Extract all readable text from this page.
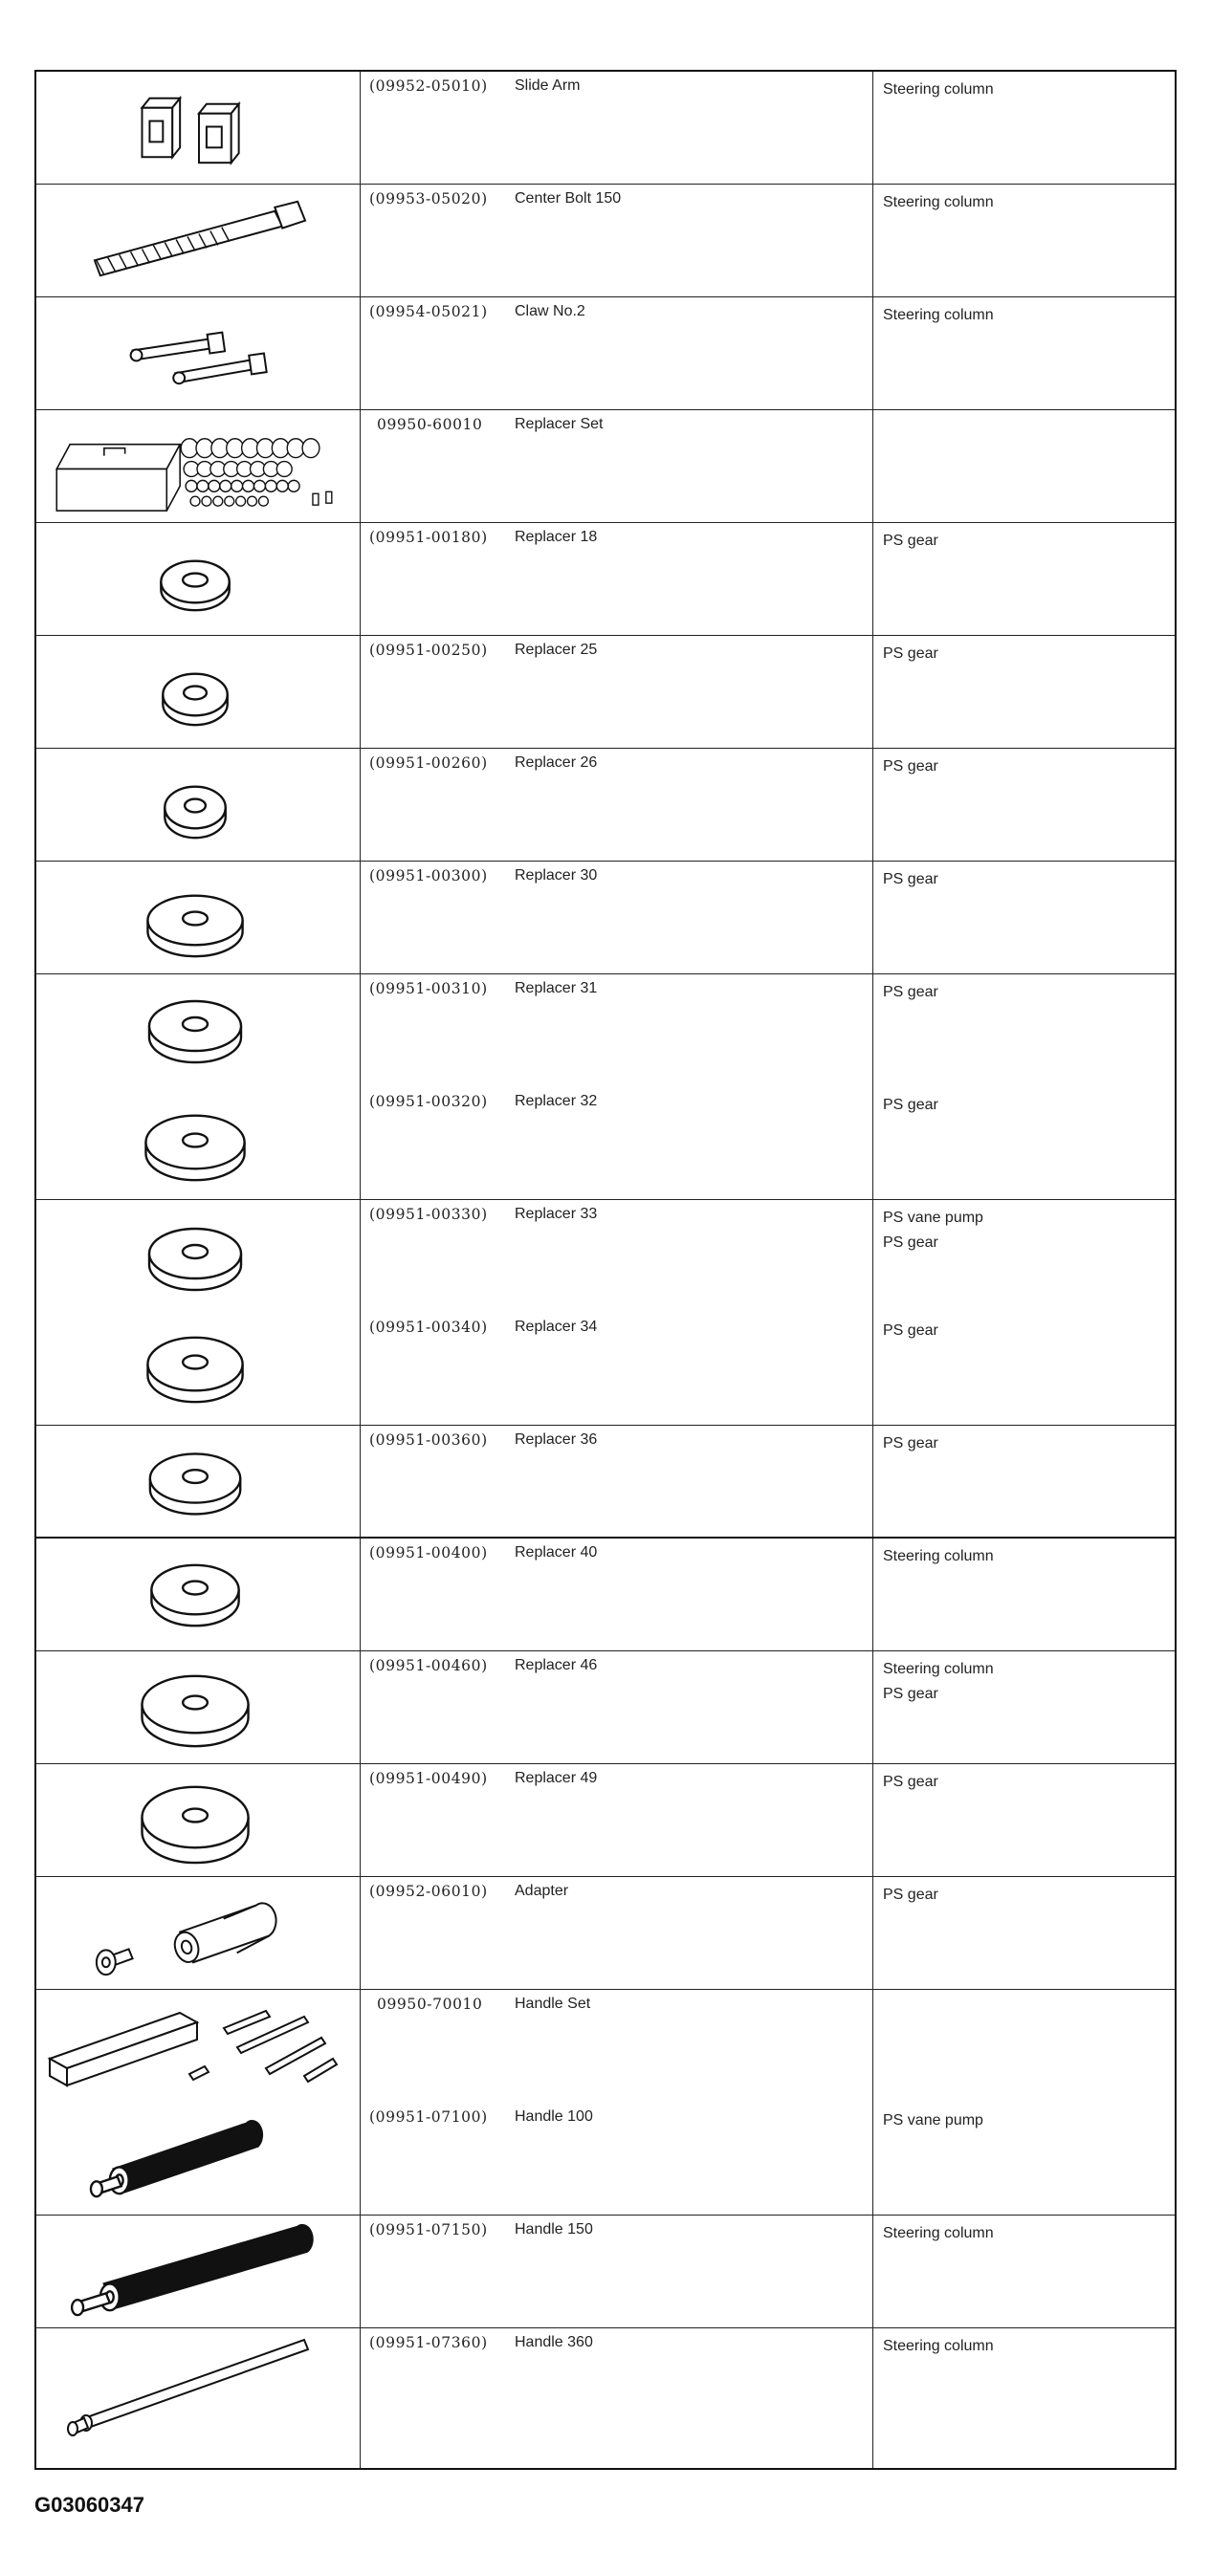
(09952-05010) Slide Arm	Steering column
(09953-05020) Center Bolt 150	Steering column
(09954-05021) Claw No.2	Steering column
09950-60010 Replacer Set
(09951-00180) Replacer 18	PS gear
(09951-00250) Replacer 25	PS gear
(09951-00260) Replacer 26	PS gear
(09951-00300) Replacer 30	PS gear
(09951-00310) Replacer 31	PS gear
(09951-00320) Replacer 32	PS gear
(09951-00330) Replacer 33	PS vane pump
PS gear
(09951-00340) Replacer 34	PS gear
(09951-00360) Replacer 36	PS gear
(09951-00400) Replacer 40	Steering column
(09951-00460) Replacer 46	Steering column
PS gear
(09951-00490) Replacer 49	PS gear
(09952-06010) Adapter	PS gear
09950-70010 Handle Set
(09951-07100) Handle 100	PS vane pump
(09951-07150) Handle 150	Steering column
(09951-07360) Handle 360	Steering column
G03060347
